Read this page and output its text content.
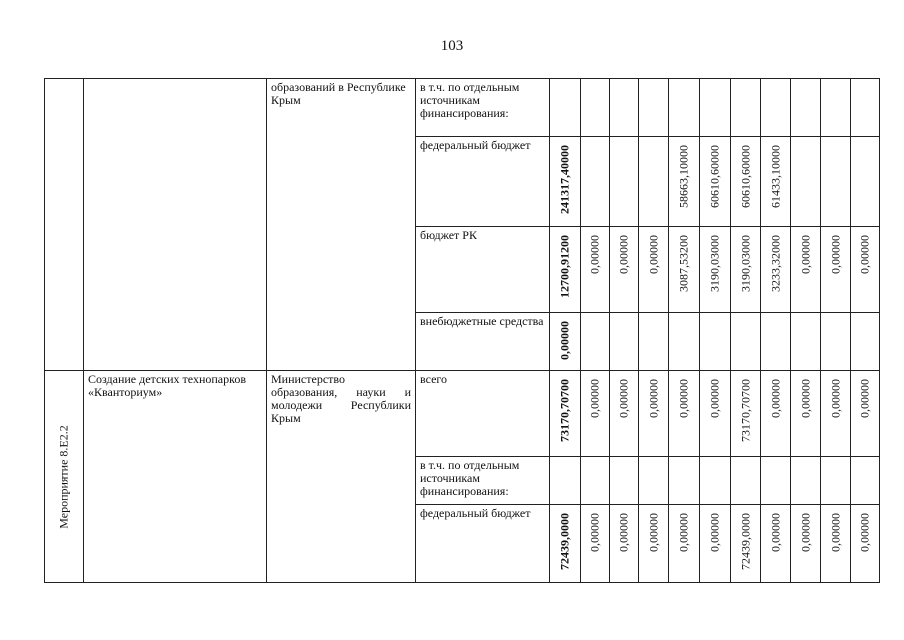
103

		образований в Республике Крым	в т.ч. по отдельным источникам финансирования:											

			федеральный бюджет	241317,40000				58663,10000	60610,60000	60610,60000	61433,10000			

			бюджет РК	12700,91200	0,00000	0,00000	0,00000	3087,53200	3190,03000	3190,03000	3233,32000	0,00000	0,00000	0,00000

			внебюджетные средства	0,00000										

Мероприятие 8.Е2.2	Создание детских технопарков «Кванториум»	Министерство образования, науки и молодежи Республики Крым	всего	73170,70700	0,00000	0,00000	0,00000	0,00000	0,00000	73170,70700	0,00000	0,00000	0,00000	0,00000

			в т.ч. по отдельным источникам финансирования:											

			федеральный бюджет	72439,0000	0,00000	0,00000	0,00000	0,00000	0,00000	72439,0000	0,00000	0,00000	0,00000	0,00000
